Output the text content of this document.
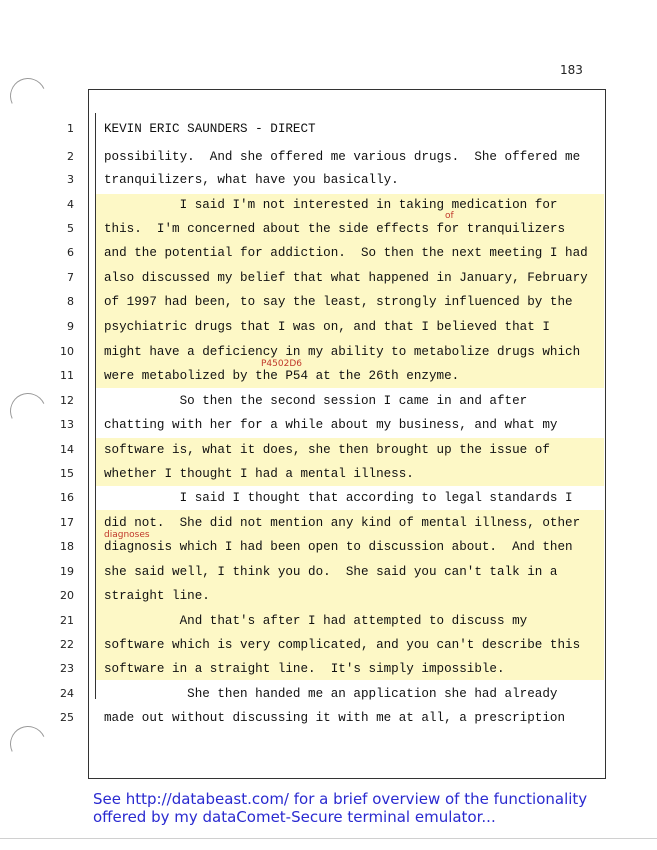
183
1 KEVIN ERIC SAUNDERS - DIRECT
2 possibility.  And she offered me various drugs.  She offered me
3 tranquilizers, what have you basically.
4 I said I'm not interested in taking medication for
5 this.  I'm concerned about the side effects for tranquilizers
6 and the potential for addiction.  So then the next meeting I had
7 also discussed my belief that what happened in January, February
8 of 1997 had been, to say the least, strongly influenced by the
9 psychiatric drugs that I was on, and that I believed that I
10 might have a deficiency in my ability to metabolize drugs which
11 were metabolized by the P54 at the 26th enzyme.
12 So then the second session I came in and after
13 chatting with her for a while about my business, and what my
14 software is, what it does, she then brought up the issue of
15 whether I thought I had a mental illness.
16 I said I thought that according to legal standards I
17 did not.  She did not mention any kind of mental illness, other
18 diagnosis which I had been open to discussion about.  And then
19 she said well, I think you do.  She said you can't talk in a
20 straight line.
21 And that's after I had attempted to discuss my
22 software which is very complicated, and you can't describe this
23 software in a straight line.  It's simply impossible.
24 She then handed me an application she had already
25 made out without discussing it with me at all, a prescription
of
P4502D6
diagnoses
See http://databeast.com/ for a brief overview of the functionality
offered by my dataComet-Secure terminal emulator...
